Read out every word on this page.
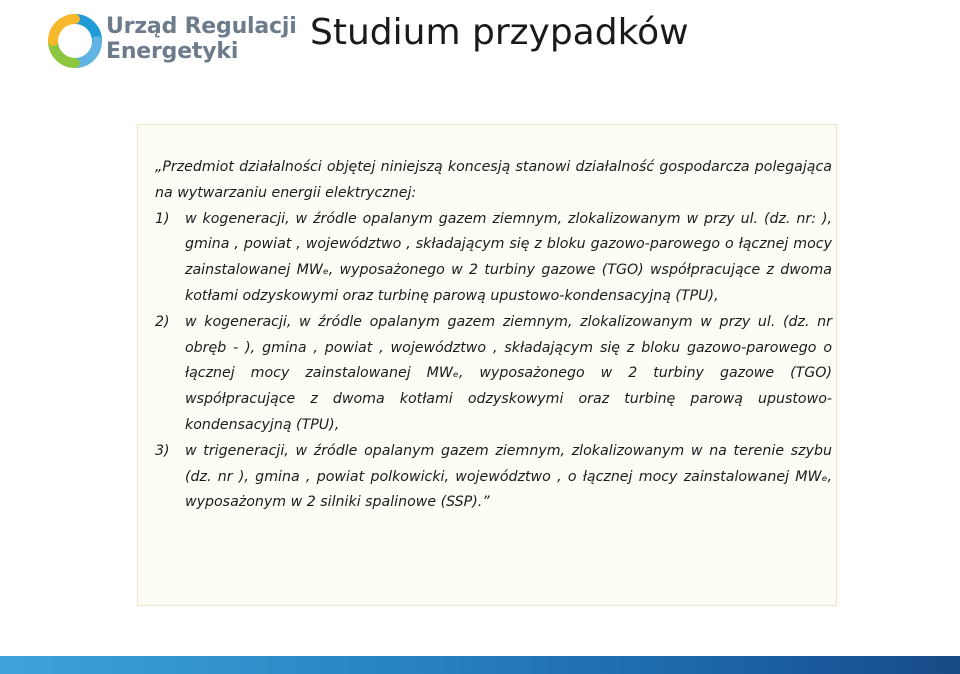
Urząd Regulacji
Energetyki	Studium przypadków

„Przedmiot działalności objętej niniejszą koncesją stanowi działalność gospodarcza polegająca na wytwarzaniu energii elektrycznej:

1) w kogeneracji, w źródle opalanym gazem ziemnym, zlokalizowanym w przy ul. (dz. nr: ), gmina , powiat , województwo , składającym się z bloku gazowo-parowego o łącznej mocy zainstalowanej MWₑ, wyposażonego w 2 turbiny gazowe (TGO) współpracujące z dwoma kotłami odzyskowymi oraz turbinę parową upustowo-kondensacyjną (TPU),
2) w kogeneracji, w źródle opalanym gazem ziemnym, zlokalizowanym w przy ul. (dz. nr obręb - ), gmina , powiat , województwo , składającym się z bloku gazowo-parowego o łącznej mocy zainstalowanej MWₑ, wyposażonego w 2 turbiny gazowe (TGO) współpracujące z dwoma kotłami odzyskowymi oraz turbinę parową upustowo-kondensacyjną (TPU),
3) w trigeneracji, w źródle opalanym gazem ziemnym, zlokalizowanym w na terenie szybu (dz. nr ), gmina , powiat polkowicki, województwo , o łącznej mocy zainstalowanej MWₑ, wyposażonym w 2 silniki spalinowe (SSP).”
